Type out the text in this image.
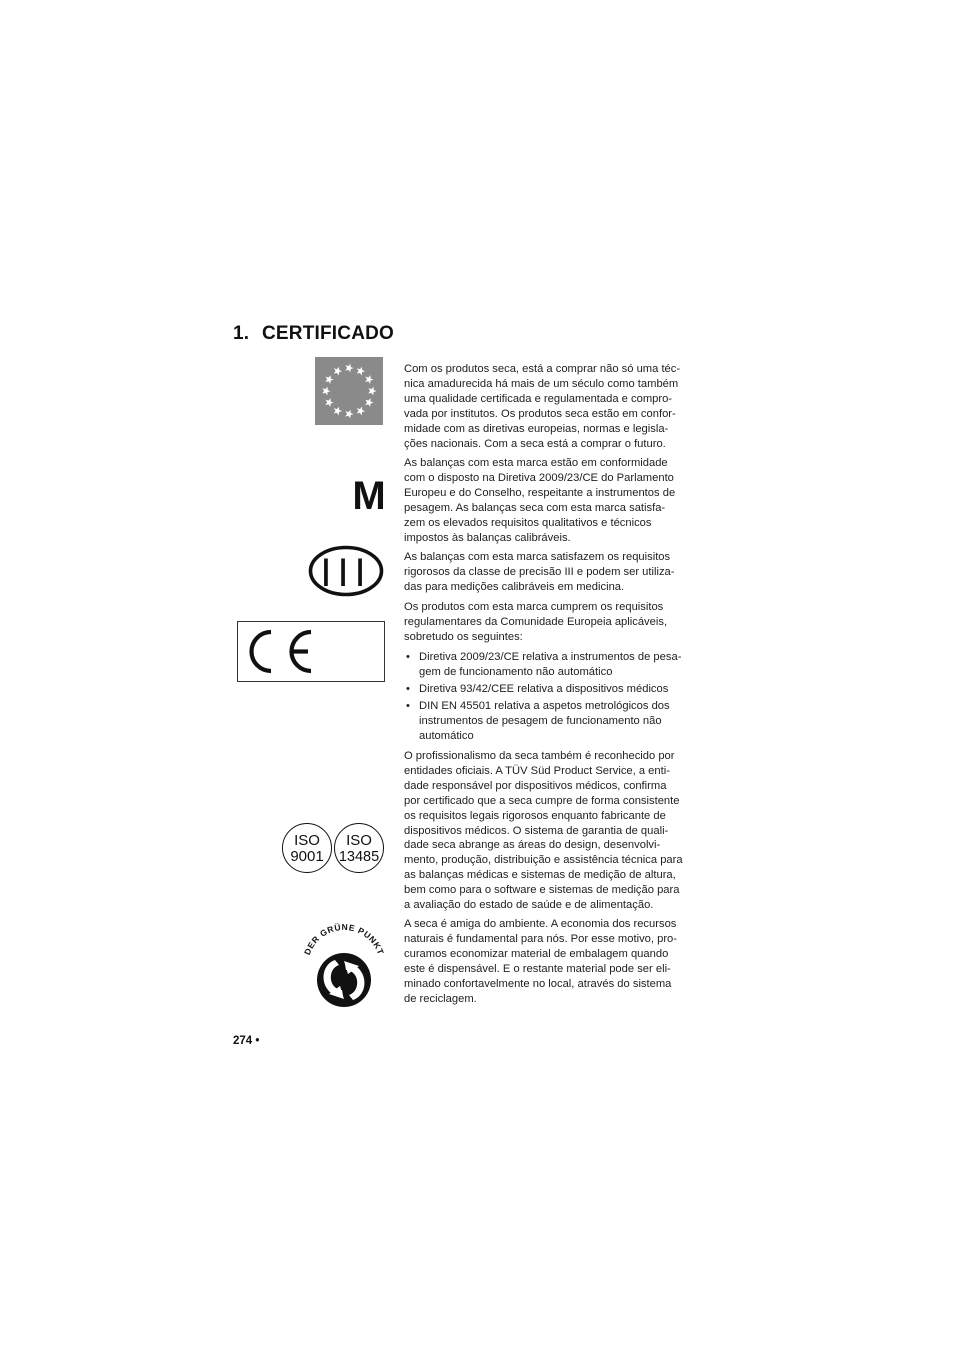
1. CERTIFICADO
M
III
ISO
9001
ISO
13485
DER GRÜNE PUNKT
Com os produtos seca, está a comprar não só uma téc-
nica amadurecida há mais de um século como também
uma qualidade certificada e regulamentada e compro-
vada por institutos. Os produtos seca estão em confor-
midade com as diretivas europeias, normas e legisla-
ções nacionais. Com a seca está a comprar o futuro.
As balanças com esta marca estão em conformidade
com o disposto na Diretiva 2009/23/CE do Parlamento
Europeu e do Conselho, respeitante a instrumentos de
pesagem. As balanças seca com esta marca satisfa-
zem os elevados requisitos qualitativos e técnicos
impostos às balanças calibráveis.
As balanças com esta marca satisfazem os requisitos
rigorosos da classe de precisão III e podem ser utiliza-
das para medições calibráveis em medicina.
Os produtos com esta marca cumprem os requisitos
regulamentares da Comunidade Europeia aplicáveis,
sobretudo os seguintes:
• Diretiva 2009/23/CE relativa a instrumentos de pesa-
gem de funcionamento não automático
• Diretiva 93/42/CEE relativa a dispositivos médicos
• DIN EN 45501 relativa a aspetos metrológicos dos
instrumentos de pesagem de funcionamento não
automático
O profissionalismo da seca também é reconhecido por
entidades oficiais. A TÜV Süd Product Service, a enti-
dade responsável por dispositivos médicos, confirma
por certificado que a seca cumpre de forma consistente
os requisitos legais rigorosos enquanto fabricante de
dispositivos médicos. O sistema de garantia de quali-
dade seca abrange as áreas do design, desenvolvi-
mento, produção, distribuição e assistência técnica para
as balanças médicas e sistemas de medição de altura,
bem como para o software e sistemas de medição para
a avaliação do estado de saúde e de alimentação.
A seca é amiga do ambiente. A economia dos recursos
naturais é fundamental para nós. Por esse motivo, pro-
curamos economizar material de embalagem quando
este é dispensável. E o restante material pode ser eli-
minado confortavelmente no local, através do sistema
de reciclagem.
274 •
